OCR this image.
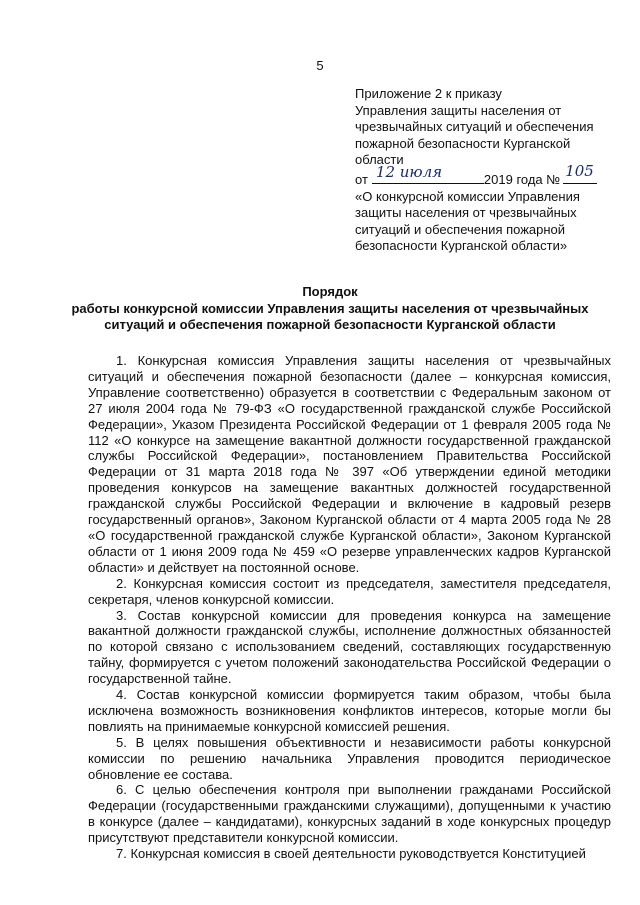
5
Приложение 2 к приказу
Управления защиты населения от
чрезвычайных ситуаций и обеспечения
пожарной безопасности Курганской
области
от 12 июля	2019 года № 105
«О конкурсной комиссии Управления
защиты населения от чрезвычайных
ситуаций и обеспечения пожарной
безопасности Курганской области»
Порядок
работы конкурсной комиссии Управления защиты населения от чрезвычайных ситуаций и обеспечения пожарной безопасности Курганской области

1. Конкурсная комиссия Управления защиты населения от чрезвычайных ситуаций и обеспечения пожарной безопасности (далее – конкурсная комиссия, Управление соответственно) образуется в соответствии с Федеральным законом от 27 июля 2004 года № 79-ФЗ «О государственной гражданской службе Российской Федерации», Указом Президента Российской Федерации от 1 февраля 2005 года № 112 «О конкурсе на замещение вакантной должности государственной гражданской службы Российской Федерации», постановлением Правительства Российской Федерации от 31 марта 2018 года № 397 «Об утверждении единой методики проведения конкурсов на замещение вакантных должностей государственной гражданской службы Российской Федерации и включение в кадровый резерв государственный органов», Законом Курганской области от 4 марта 2005 года № 28 «О государственной гражданской службе Курганской области», Законом Курганской области от 1 июня 2009 года № 459 «О резерве управленческих кадров Курганской области» и действует на постоянной основе.

2. Конкурсная комиссия состоит из председателя, заместителя председателя, секретаря, членов конкурсной комиссии.

3. Состав конкурсной комиссии для проведения конкурса на замещение вакантной должности гражданской службы, исполнение должностных обязанностей по которой связано с использованием сведений, составляющих государственную тайну, формируется с учетом положений законодательства Российской Федерации о государственной тайне.

4. Состав конкурсной комиссии формируется таким образом, чтобы была исключена возможность возникновения конфликтов интересов, которые могли бы повлиять на принимаемые конкурсной комиссией решения.

5. В целях повышения объективности и независимости работы конкурсной комиссии по решению начальника Управления проводится периодическое обновление ее состава.

6. С целью обеспечения контроля при выполнении гражданами Российской Федерации (государственными гражданскими служащими), допущенными к участию в конкурсе (далее – кандидатами), конкурсных заданий в ходе конкурсных процедур присутствуют представители конкурсной комиссии.

7. Конкурсная комиссия в своей деятельности руководствуется Конституцией
